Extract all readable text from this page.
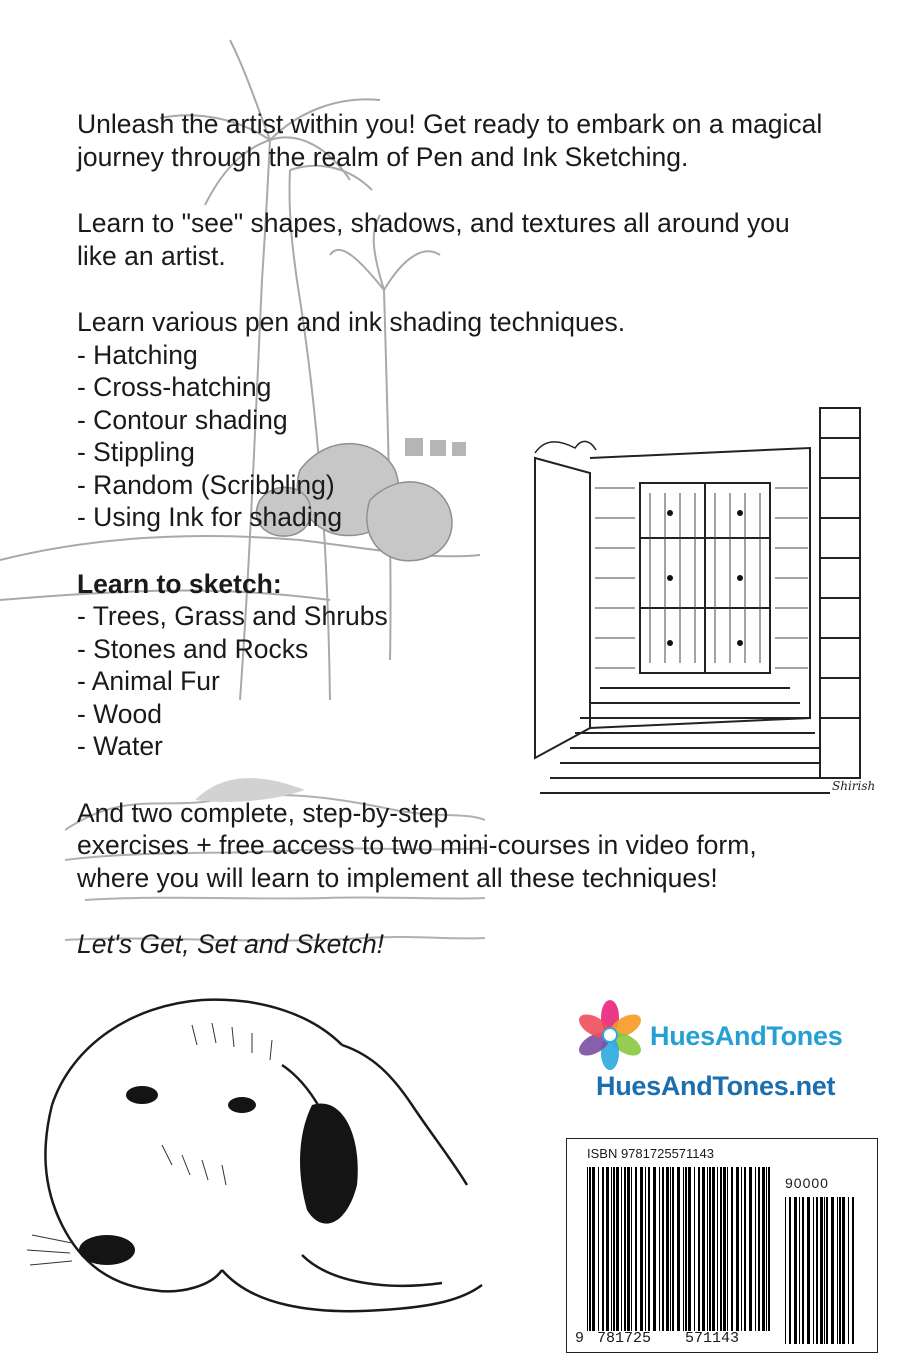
Shirish

Unleash the artist within you! Get ready to embark on a magical

journey through the realm of Pen and Ink Sketching.

Learn to "see" shapes, shadows, and textures all around you

like an artist.

Learn various pen and ink shading techniques.

- Hatching

- Cross-hatching

- Contour shading

- Stippling

- Random (Scribbling)

- Using Ink for shading

Learn to sketch:

- Trees, Grass and Shrubs

- Stones and Rocks

- Animal Fur

- Wood

- Water

And two complete, step-by-step

exercises + free access to two mini-courses in video form,

where you will learn to implement all these techniques!

Let's Get, Set and Sketch!

HuesAndTones
HuesAndTones.net
ISBN 9781725571143
90000
9 781725 571143
